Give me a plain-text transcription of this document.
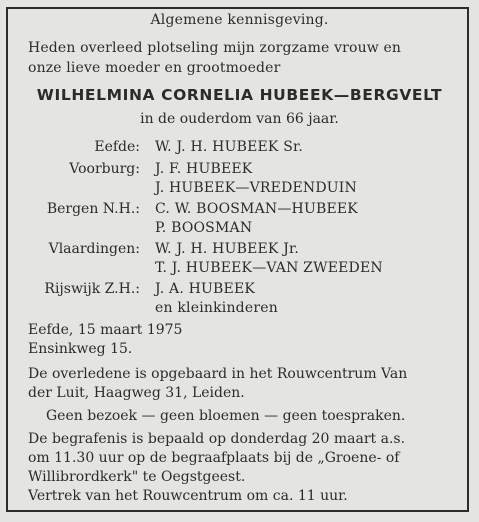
Algemene kennisgeving.
Heden overleed plotseling mijn zorgzame vrouw en
onze lieve moeder en grootmoeder
WILHELMINA CORNELIA HUBEEK—BERGVELT
in de ouderdom van 66 jaar.
Eefde: W. J. H. HUBEEK Sr.
Voorburg: J. F. HUBEEK
J. HUBEEK—VREDENDUIN
Bergen N.H.: C. W. BOOSMAN—HUBEEK
P. BOOSMAN
Vlaardingen: W. J. H. HUBEEK Jr.
T. J. HUBEEK—VAN ZWEEDEN
Rijswijk Z.H.: J. A. HUBEEK
en kleinkinderen
Eefde, 15 maart 1975
Ensinkweg 15.
De overledene is opgebaard in het Rouwcentrum Van
der Luit, Haagweg 31, Leiden.
Geen bezoek — geen bloemen — geen toespraken.
De begrafenis is bepaald op donderdag 20 maart a.s.
om 11.30 uur op de begraafplaats bij de „Groene- of
Willibrordkerk" te Oegstgeest.
Vertrek van het Rouwcentrum om ca. 11 uur.
